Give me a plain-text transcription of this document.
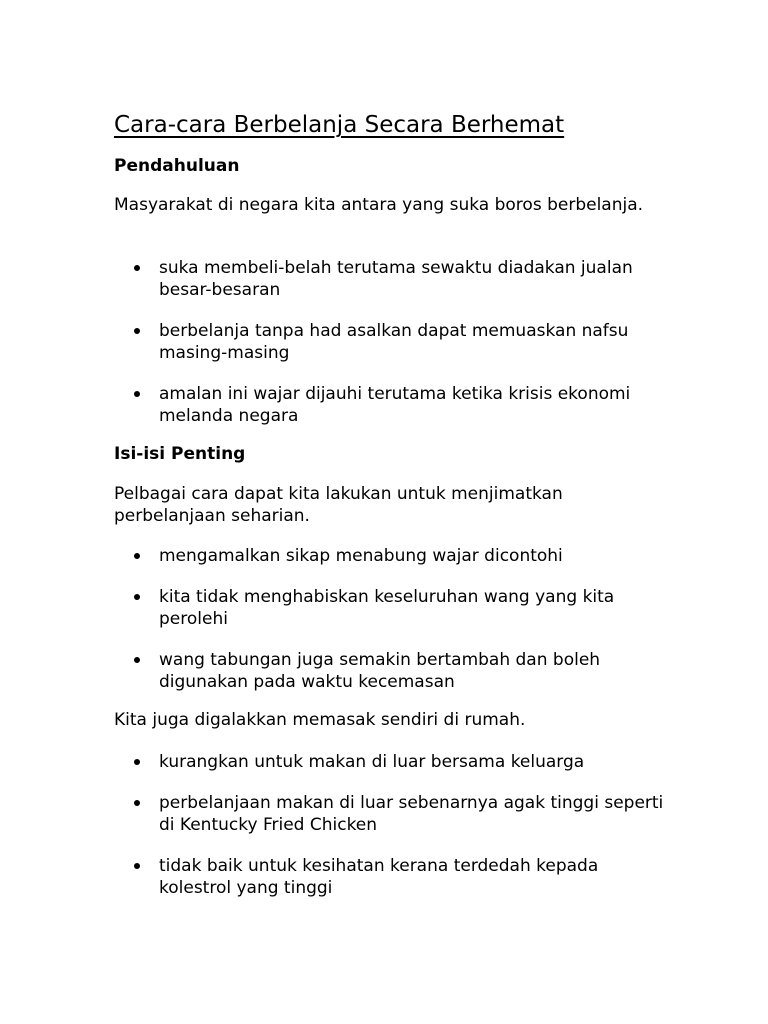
Cara-cara Berbelanja Secara Berhemat
Pendahuluan
Masyarakat di negara kita antara yang suka boros berbelanja.
suka membeli-belah terutama sewaktu diadakan jualan besar-besaran
berbelanja tanpa had asalkan dapat memuaskan nafsu masing-masing
amalan ini wajar dijauhi terutama ketika krisis ekonomi melanda negara
Isi-isi Penting
Pelbagai cara dapat kita lakukan untuk menjimatkan perbelanjaan seharian.
mengamalkan sikap menabung wajar dicontohi
kita tidak menghabiskan keseluruhan wang yang kita perolehi
wang tabungan juga semakin bertambah dan boleh digunakan pada waktu kecemasan
Kita juga digalakkan memasak sendiri di rumah.
kurangkan untuk makan di luar bersama keluarga
perbelanjaan makan di luar sebenarnya agak tinggi seperti di Kentucky Fried Chicken
tidak baik untuk kesihatan kerana terdedah kepada kolestrol yang tinggi
